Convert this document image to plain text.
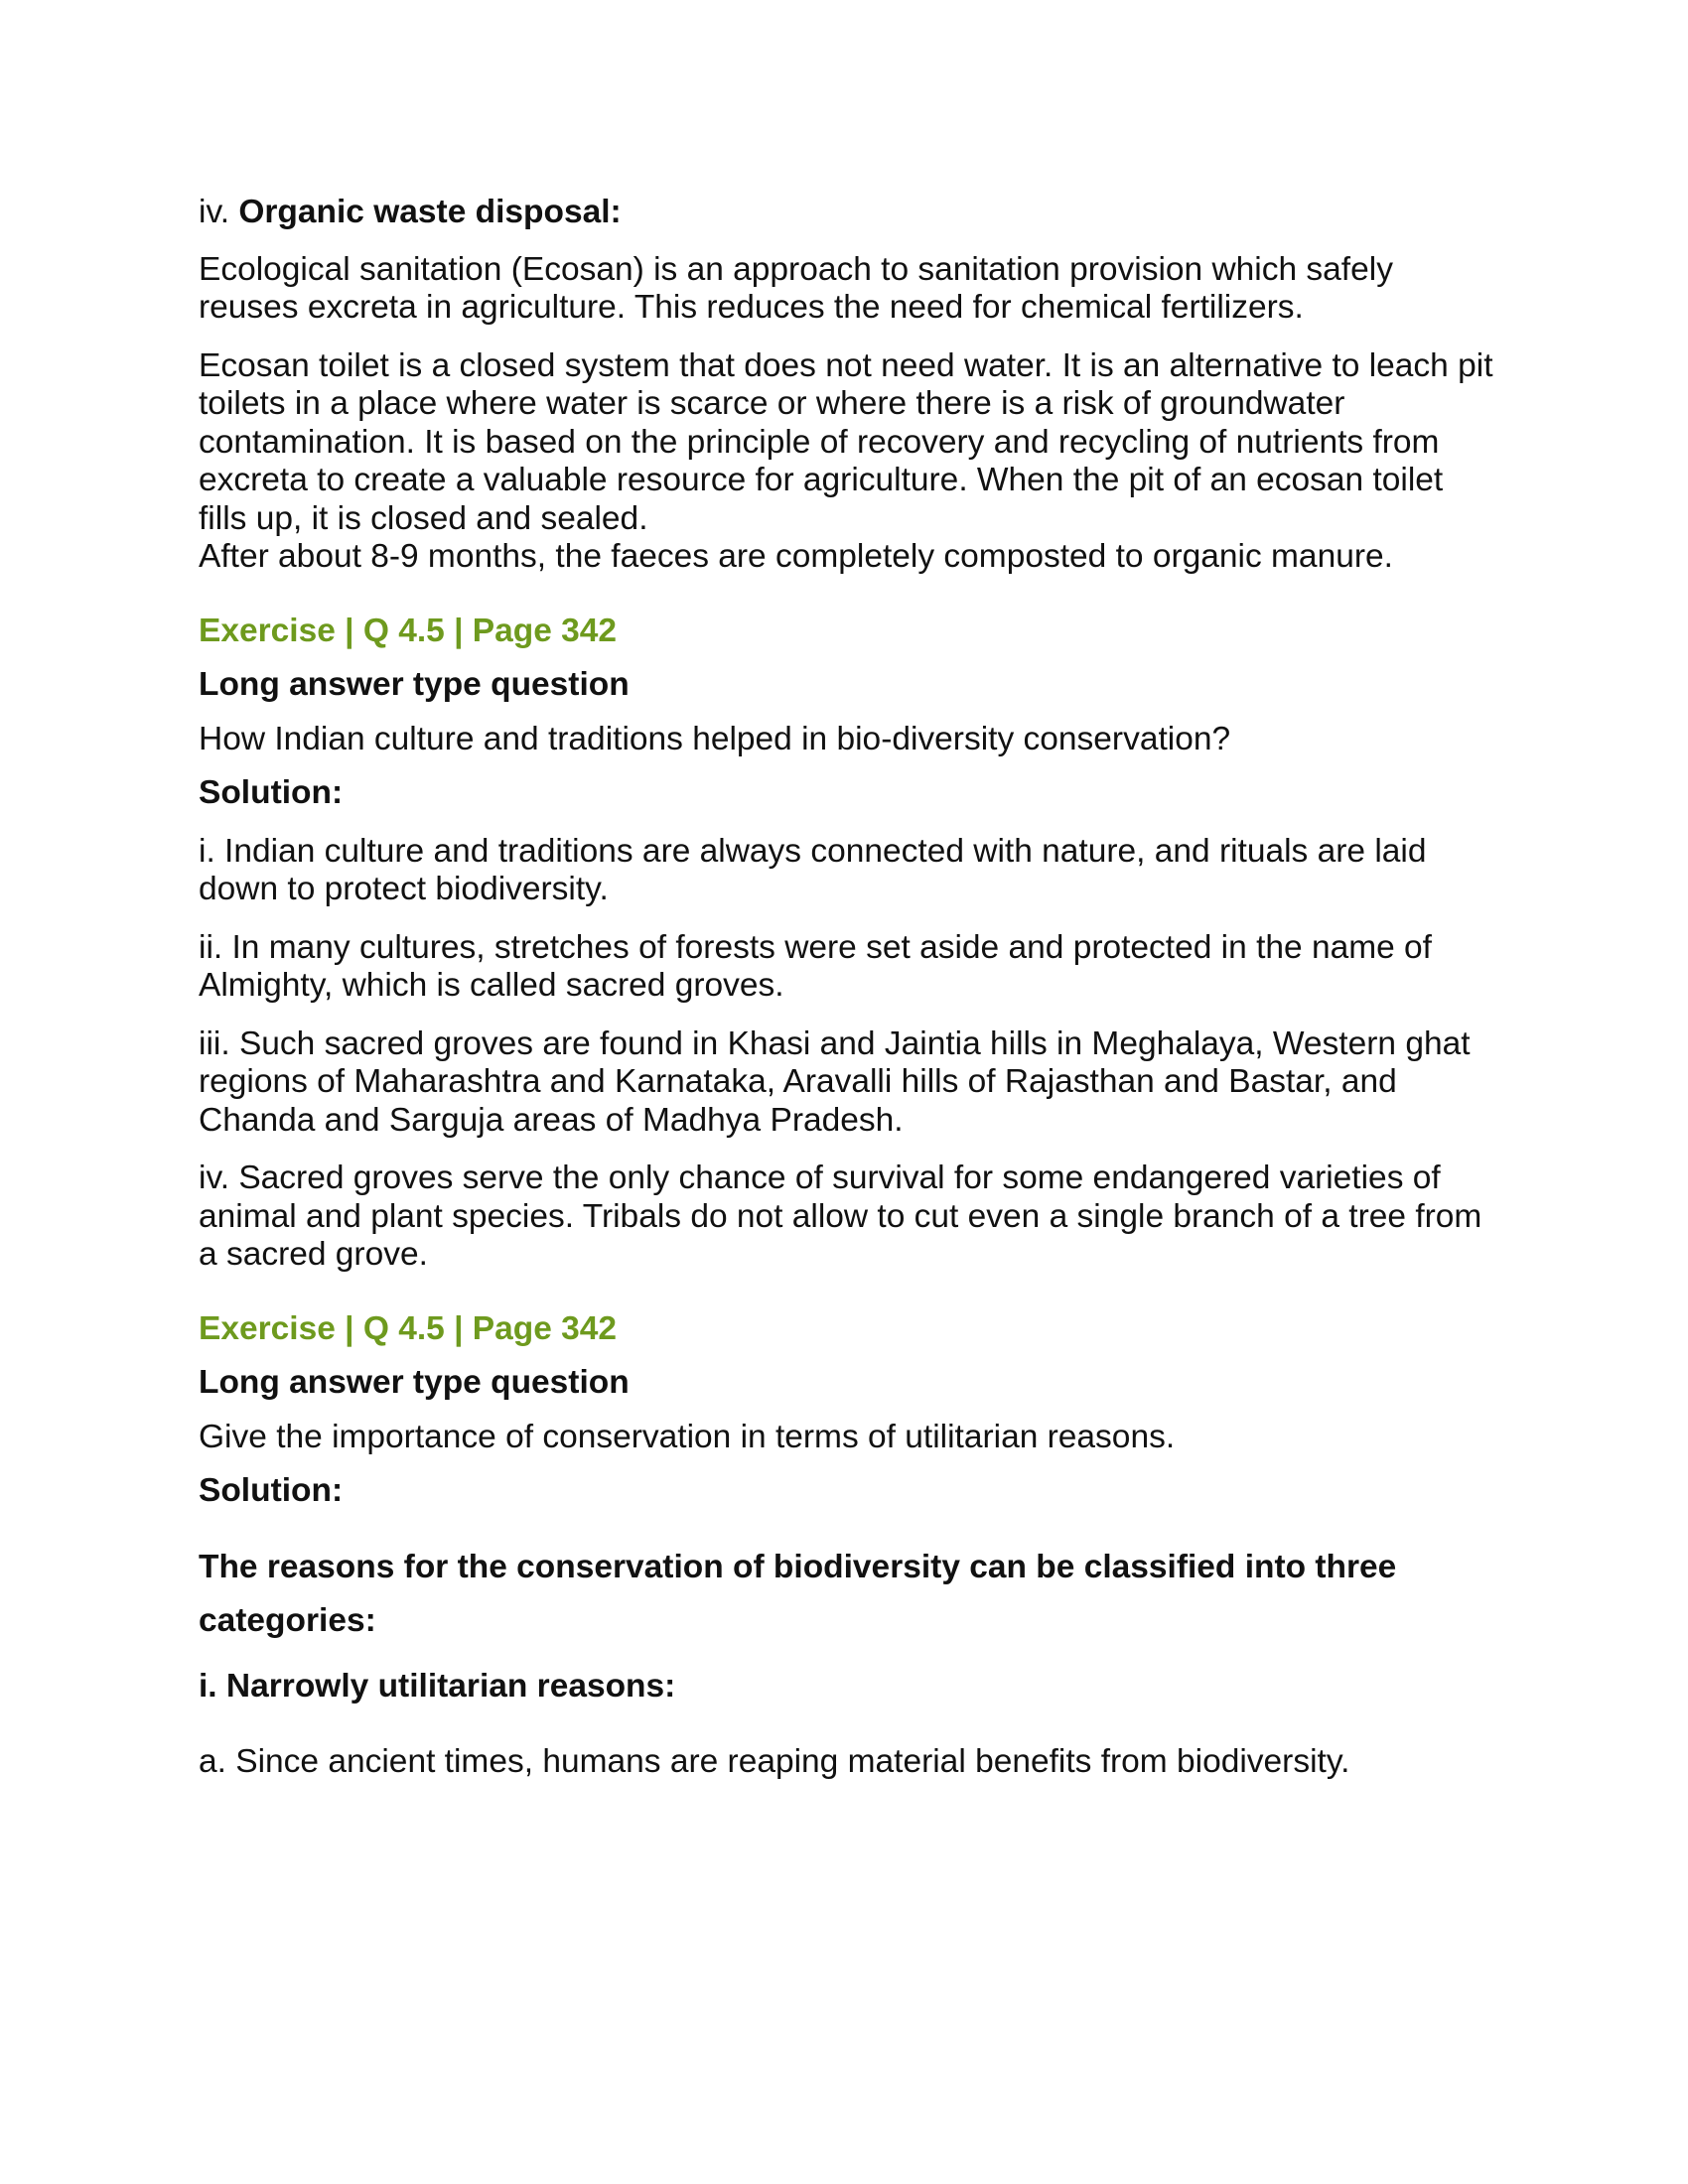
iv. Organic waste disposal:

Ecological sanitation (Ecosan) is an approach to sanitation provision which safely reuses excreta in agriculture. This reduces the need for chemical fertilizers.

Ecosan toilet is a closed system that does not need water. It is an alternative to leach pit toilets in a place where water is scarce or where there is a risk of groundwater contamination. It is based on the principle of recovery and recycling of nutrients from excreta to create a valuable resource for agriculture. When the pit of an ecosan toilet fills up, it is closed and sealed.

After about 8-9 months, the faeces are completely composted to organic manure.

Exercise | Q 4.5 | Page 342
Long answer type question
How Indian culture and traditions helped in bio-diversity conservation?
Solution:

i. Indian culture and traditions are always connected with nature, and rituals are laid down to protect biodiversity.

ii. In many cultures, stretches of forests were set aside and protected in the name of Almighty, which is called sacred groves.

iii. Such sacred groves are found in Khasi and Jaintia hills in Meghalaya, Western ghat regions of Maharashtra and Karnataka, Aravalli hills of Rajasthan and Bastar, and Chanda and Sarguja areas of Madhya Pradesh.

iv. Sacred groves serve the only chance of survival for some endangered varieties of animal and plant species. Tribals do not allow to cut even a single branch of a tree from a sacred grove.

Exercise | Q 4.5 | Page 342
Long answer type question
Give the importance of conservation in terms of utilitarian reasons.
Solution:
The reasons for the conservation of biodiversity can be classified into three categories:
i. Narrowly utilitarian reasons:

a. Since ancient times, humans are reaping material benefits from biodiversity.
